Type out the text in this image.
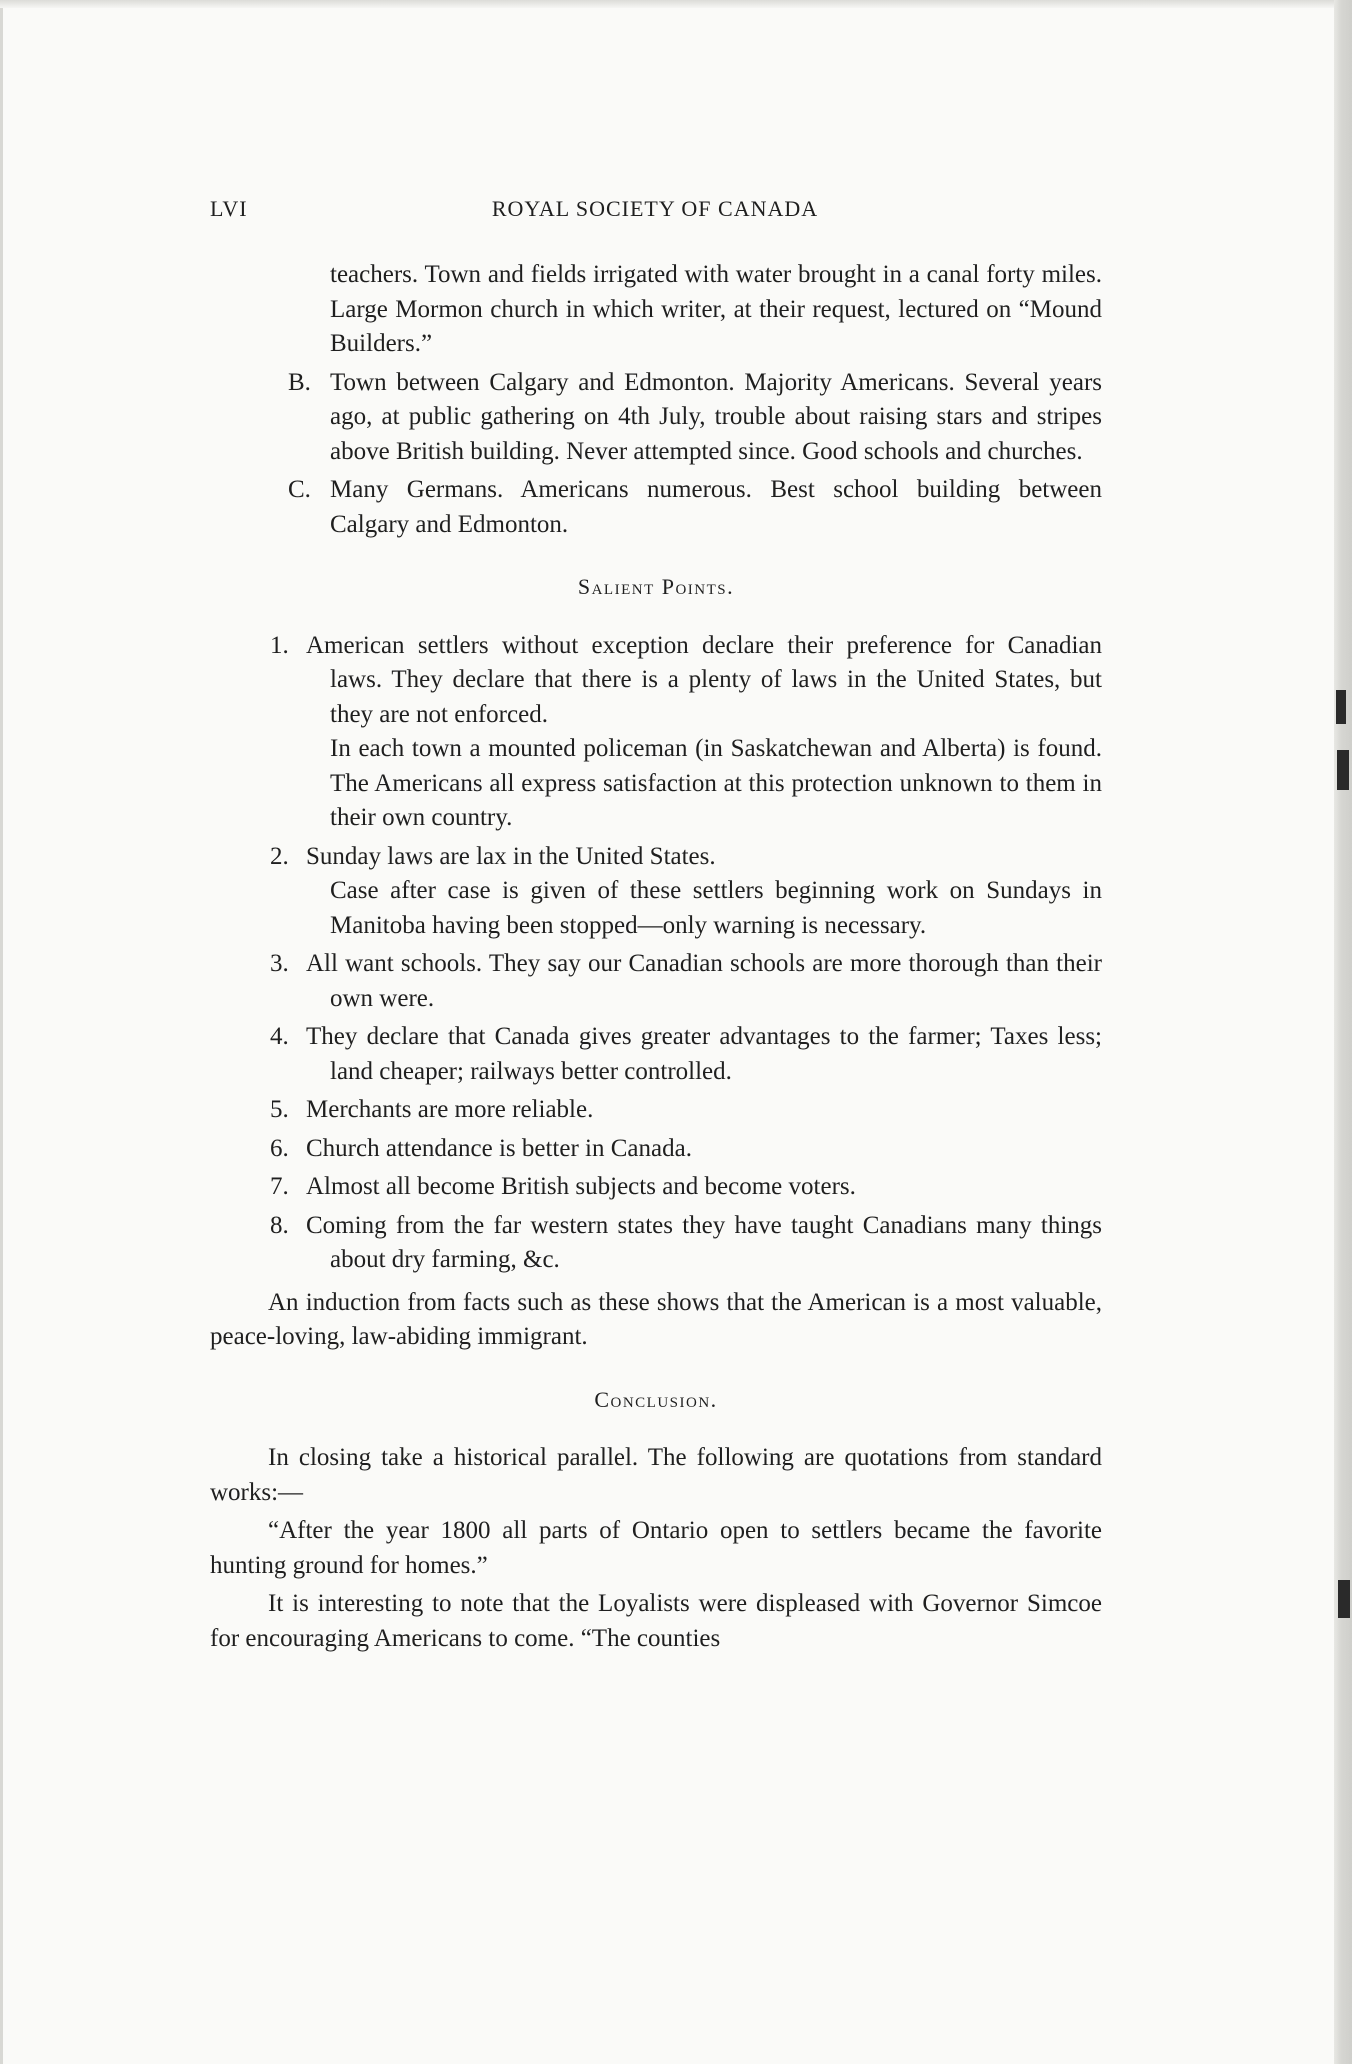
LVI	ROYAL SOCIETY OF CANADA

teachers. Town and fields irrigated with water brought in a canal forty miles. Large Mormon church in which writer, at their request, lectured on “Mound Builders.”

B. Town between Calgary and Edmonton. Majority Americans. Several years ago, at public gathering on 4th July, trouble about raising stars and stripes above British building. Never attempted since. Good schools and churches.

C. Many Germans. Americans numerous. Best school building between Calgary and Edmonton.

Salient Points.

1. American settlers without exception declare their preference for Canadian laws. They declare that there is a plenty of laws in the United States, but they are not enforced.

In each town a mounted policeman (in Saskatchewan and Alberta) is found. The Americans all express satisfaction at this protection unknown to them in their own country.

2. Sunday laws are lax in the United States.

Case after case is given of these settlers beginning work on Sundays in Manitoba having been stopped—only warning is necessary.

3. All want schools. They say our Canadian schools are more thorough than their own were.

4. They declare that Canada gives greater advantages to the farmer; Taxes less; land cheaper; railways better controlled.

5. Merchants are more reliable.

6. Church attendance is better in Canada.

7. Almost all become British subjects and become voters.

8. Coming from the far western states they have taught Canadians many things about dry farming, &c.

An induction from facts such as these shows that the American is a most valuable, peace-loving, law-abiding immigrant.

Conclusion.

In closing take a historical parallel. The following are quotations from standard works:—

“After the year 1800 all parts of Ontario open to settlers became the favorite hunting ground for homes.”

It is interesting to note that the Loyalists were displeased with Governor Simcoe for encouraging Americans to come. “The counties
